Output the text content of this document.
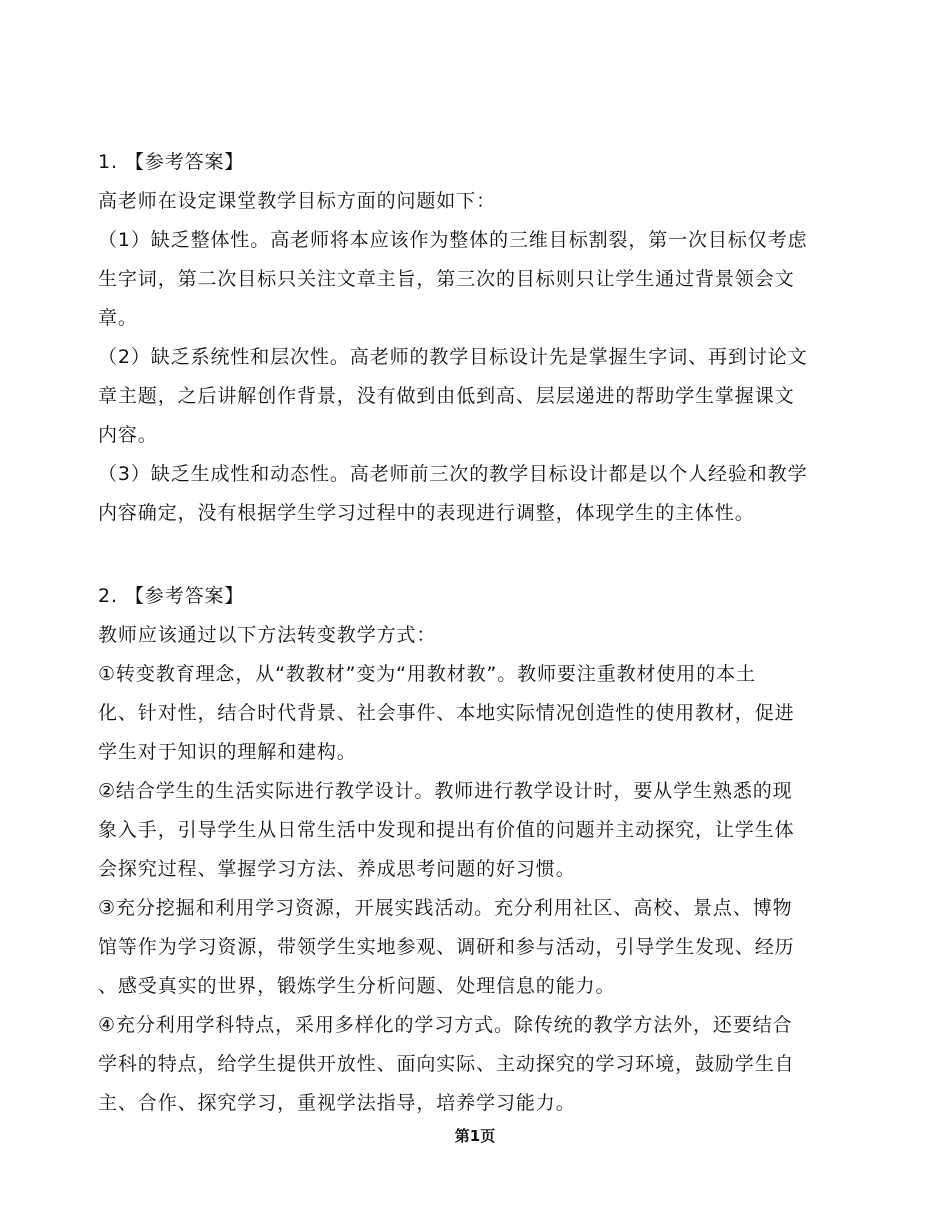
1. 【参考答案】
高老师在设定课堂教学目标方面的问题如下：
（1）缺乏整体性。高老师将本应该作为整体的三维目标割裂，第一次目标仅考虑
生字词，第二次目标只关注文章主旨，第三次的目标则只让学生通过背景领会文
章。
（2）缺乏系统性和层次性。高老师的教学目标设计先是掌握生字词、再到讨论文
章主题，之后讲解创作背景，没有做到由低到高、层层递进的帮助学生掌握课文
内容。
（3）缺乏生成性和动态性。高老师前三次的教学目标设计都是以个人经验和教学
内容确定，没有根据学生学习过程中的表现进行调整，体现学生的主体性。
2. 【参考答案】
教师应该通过以下方法转变教学方式：
①转变教育理念，从“教教材”变为“用教材教”。教师要注重教材使用的本土
化、针对性，结合时代背景、社会事件、本地实际情况创造性的使用教材，促进
学生对于知识的理解和建构。
②结合学生的生活实际进行教学设计。教师进行教学设计时，要从学生熟悉的现
象入手，引导学生从日常生活中发现和提出有价值的问题并主动探究，让学生体
会探究过程、掌握学习方法、养成思考问题的好习惯。
③充分挖掘和利用学习资源，开展实践活动。充分利用社区、高校、景点、博物
馆等作为学习资源，带领学生实地参观、调研和参与活动，引导学生发现、经历
、感受真实的世界，锻炼学生分析问题、处理信息的能力。
④充分利用学科特点，采用多样化的学习方式。除传统的教学方法外，还要结合
学科的特点，给学生提供开放性、面向实际、主动探究的学习环境，鼓励学生自
主、合作、探究学习，重视学法指导，培养学习能力。
第1页
